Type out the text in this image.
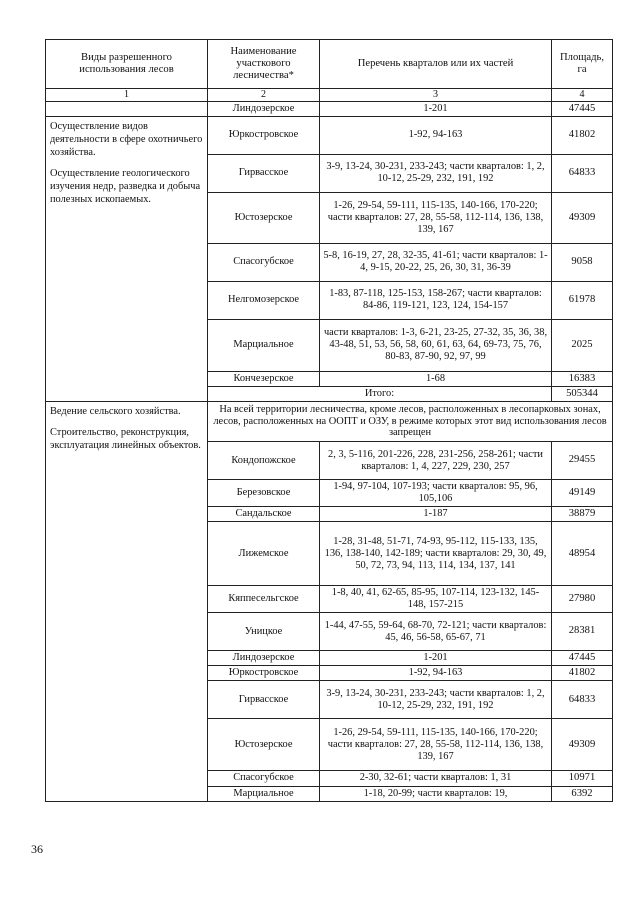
Виды разрешенного использования лесов	Наименование участкового лесничества*	Перечень кварталов или их частей	Площадь, га
1	2	3	4
	Линдозерское	1-201	47445

Осуществление видов деятельности в сфере охотничьего хозяйства.

Осуществление геологического изучения недр, разведка и добыча полезных ископаемых.	Юркостровское	1-92, 94-163	41802
	Гирвасское	3-9, 13-24, 30-231, 233-243; части кварталов: 1, 2, 10-12, 25-29, 232, 191, 192	64833
	Юстозерское	1-26, 29-54, 59-111, 115-135, 140-166, 170-220; части кварталов: 27, 28, 55-58, 112-114, 136, 138, 139, 167	49309
	Спасогубское	5-8, 16-19, 27, 28, 32-35, 41-61; части кварталов: 1-4, 9-15, 20-22, 25, 26, 30, 31, 36-39	9058
	Нелгомозерское	1-83, 87-118, 125-153, 158-267; части кварталов: 84-86, 119-121, 123, 124, 154-157	61978
	Марциальное	части кварталов: 1-3, 6-21, 23-25, 27-32, 35, 36, 38, 43-48, 51, 53, 56, 58, 60, 61, 63, 64, 69-73, 75, 76, 80-83, 87-90, 92, 97, 99	2025
	Кончезерское	1-68	16383
	Итого:		505344

Ведение сельского хозяйства.

Строительство, реконструкция, эксплуатация линейных объектов.	На всей территории лесничества, кроме лесов, расположенных в лесопарковых зонах, лесов, расположенных на ООПТ и ОЗУ, в режиме которых этот вид использования лесов запрещен		
	Кондопожское	2, 3, 5-116, 201-226, 228, 231-256, 258-261; части кварталов: 1, 4, 227, 229, 230, 257	29455
	Березовское	1-94, 97-104, 107-193; части кварталов: 95, 96, 105,106	49149
	Сандальское	1-187	38879
	Лижемское	1-28, 31-48, 51-71, 74-93, 95-112, 115-133, 135, 136, 138-140, 142-189; части кварталов: 29, 30, 49, 50, 72, 73, 94, 113, 114, 134, 137, 141	48954
	Кяппесельгское	1-8, 40, 41, 62-65, 85-95, 107-114, 123-132, 145-148, 157-215	27980
	Уницкое	1-44, 47-55, 59-64, 68-70, 72-121; части кварталов: 45, 46, 56-58, 65-67, 71	28381
	Линдозерское	1-201	47445
	Юркостровское	1-92, 94-163	41802
	Гирвасское	3-9, 13-24, 30-231, 233-243; части кварталов: 1, 2, 10-12, 25-29, 232, 191, 192	64833
	Юстозерское	1-26, 29-54, 59-111, 115-135, 140-166, 170-220; части кварталов: 27, 28, 55-58, 112-114, 136, 138, 139, 167	49309
	Спасогубское	2-30, 32-61; части кварталов: 1, 31	10971
	Марциальное	1-18, 20-99; части кварталов: 19,	6392
36
